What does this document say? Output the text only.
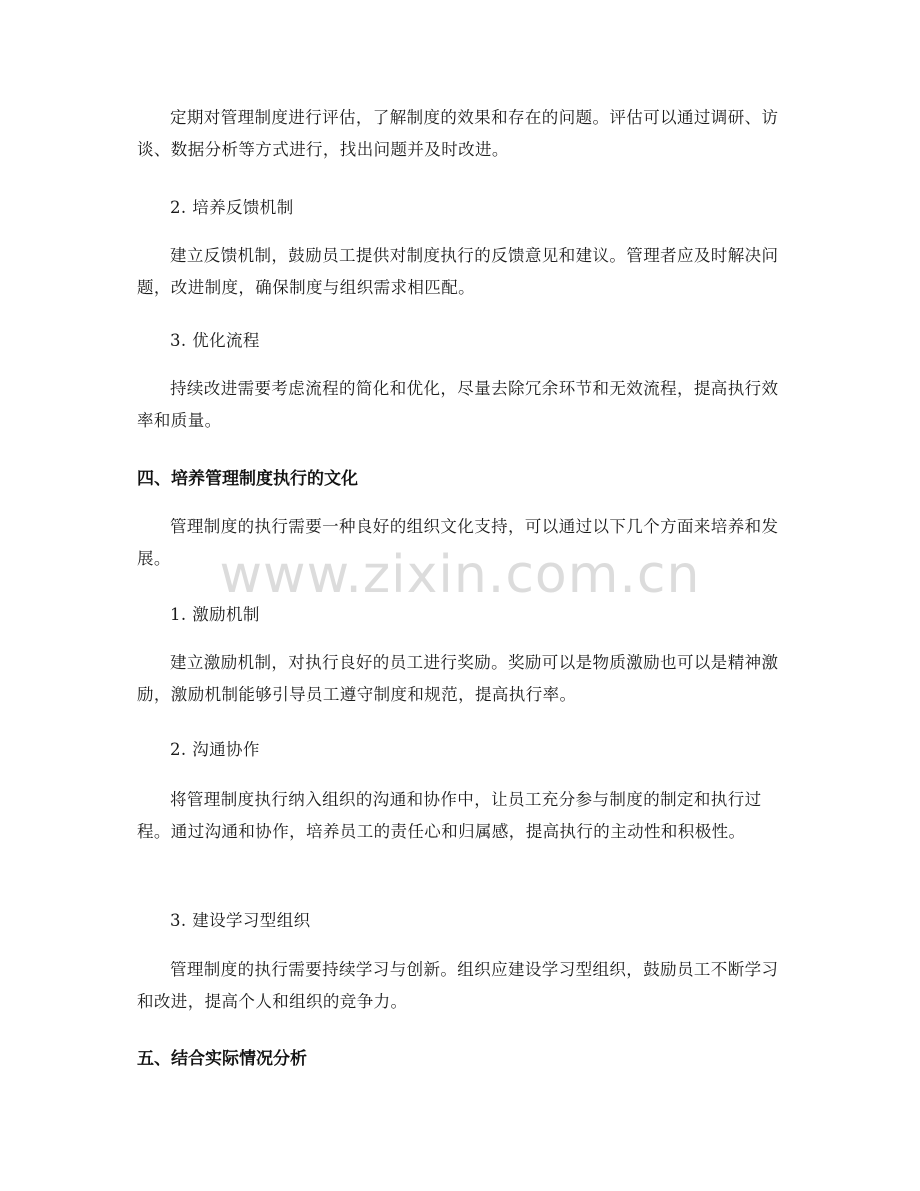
定期对管理制度进行评估，了解制度的效果和存在的问题。评估可以通过调研、访谈、数据分析等方式进行，找出问题并及时改进。

2. 培养反馈机制

建立反馈机制，鼓励员工提供对制度执行的反馈意见和建议。管理者应及时解决问题，改进制度，确保制度与组织需求相匹配。

3. 优化流程

持续改进需要考虑流程的简化和优化，尽量去除冗余环节和无效流程，提高执行效率和质量。

四、培养管理制度执行的文化

管理制度的执行需要一种良好的组织文化支持，可以通过以下几个方面来培养和发展。

1. 激励机制

建立激励机制，对执行良好的员工进行奖励。奖励可以是物质激励也可以是精神激励，激励机制能够引导员工遵守制度和规范，提高执行率。

2. 沟通协作

将管理制度执行纳入组织的沟通和协作中，让员工充分参与制度的制定和执行过程。通过沟通和协作，培养员工的责任心和归属感，提高执行的主动性和积极性。

3. 建设学习型组织

管理制度的执行需要持续学习与创新。组织应建设学习型组织，鼓励员工不断学习和改进，提高个人和组织的竞争力。

五、结合实际情况分析
www.zixin.com.cn
